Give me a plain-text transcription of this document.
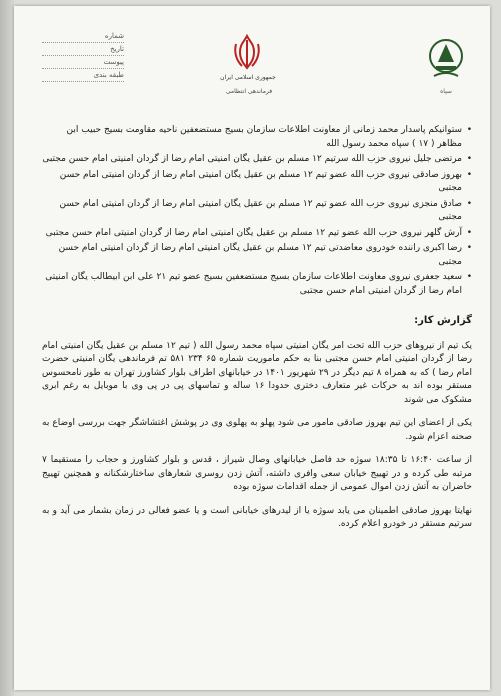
شماره
تاریخ
پیوست
طبقه بندی	جمهوری اسلامی ایران
فرماندهی انتظامی	سپاه
• ستوانیکم پاسدار محمد زمانی از معاونت اطلاعات سازمان بسیج مستضعفین ناحیه مقاومت بسیج حبیب ابن مظاهر ( ۱۷ ) سپاه محمد رسول الله
• مرتضی جلیل نیروی حزب الله سرتیم ۱۲ مسلم بن عقیل یگان امنیتی امام رضا از گردان امنیتی امام حسن مجتبی
• بهروز صادقی نیروی حزب الله عضو تیم ۱۲ مسلم بن عقیل یگان امنیتی امام رضا از گردان امنیتی امام حسن مجتبی
• صادق منجزی نیروی حزب الله عضو تیم ۱۲ مسلم بن عقیل یگان امنیتی امام رضا از گردان امنیتی امام حسن مجتبی
• آرش گلهر نیروی حزب الله عضو تیم ۱۲ مسلم بن عقیل یگان امنیتی امام رضا از گردان امنیتی امام حسن مجتبی
• رضا اکبری راننده خودروی معاضدتی تیم ۱۲ مسلم بن عقیل یگان امنیتی امام رضا از گردان امنیتی امام حسن مجتبی
• سعید جعفری نیروی معاونت اطلاعات سازمان بسیج مستضعفین بسیج عضو تیم ۲۱ علی ابن ابیطالب یگان امنیتی امام رضا از گردان امنیتی امام حسن مجتبی
گزارش کار:

یک تیم از نیروهای حزب الله تحت امر یگان امنیتی سپاه محمد رسول الله ( تیم ۱۲ مسلم بن عقیل یگان امنیتی امام رضا از گردان امنیتی امام حسن مجتبی بنا به حکم ماموریت شماره ۶۵ ۲۳۴ ۵۸۱ تم فرماندهی یگان امنیتی حضرت امام رضا ) که به همراه ۸ تیم دیگر در ۲۹ شهریور ۱۴۰۱ در خیابانهای اطراف بلوار کشاورز تهران به طور نامحسوس مستقر بوده اند به حرکات غیر متعارف دختری حدودا ۱۶ ساله و تماسهای پی در پی وی با موبایل به رغم ابری مشکوک می شوند

یکی از اعضای این تیم بهروز صادقی مامور می شود پهلو به پهلوی وی در پوشش اغتشاشگر جهت بررسی اوضاع به صحنه اعزام شود.

از ساعت ۱۶:۴۰ تا ۱۸:۳۵ سوژه حد فاصل خیابانهای وصال شیراز ، قدس و بلوار کشاورز و حجاب را مستقیما ۷ مرتبه طی کرده و در تهییج خیابان سعی وافری داشته، آتش زدن روسری شعارهای ساختارشکنانه و همچنین تهییج حاضران به آتش زدن اموال عمومی از جمله اقدامات سوژه بوده

نهایتا بهروز صادقی اطمینان می یابد سوژه یا از لیدرهای خیابانی است و یا عضو فعالی در زمان بشمار می آید و به سرتیم مستقر در خودرو اعلام کرده.
